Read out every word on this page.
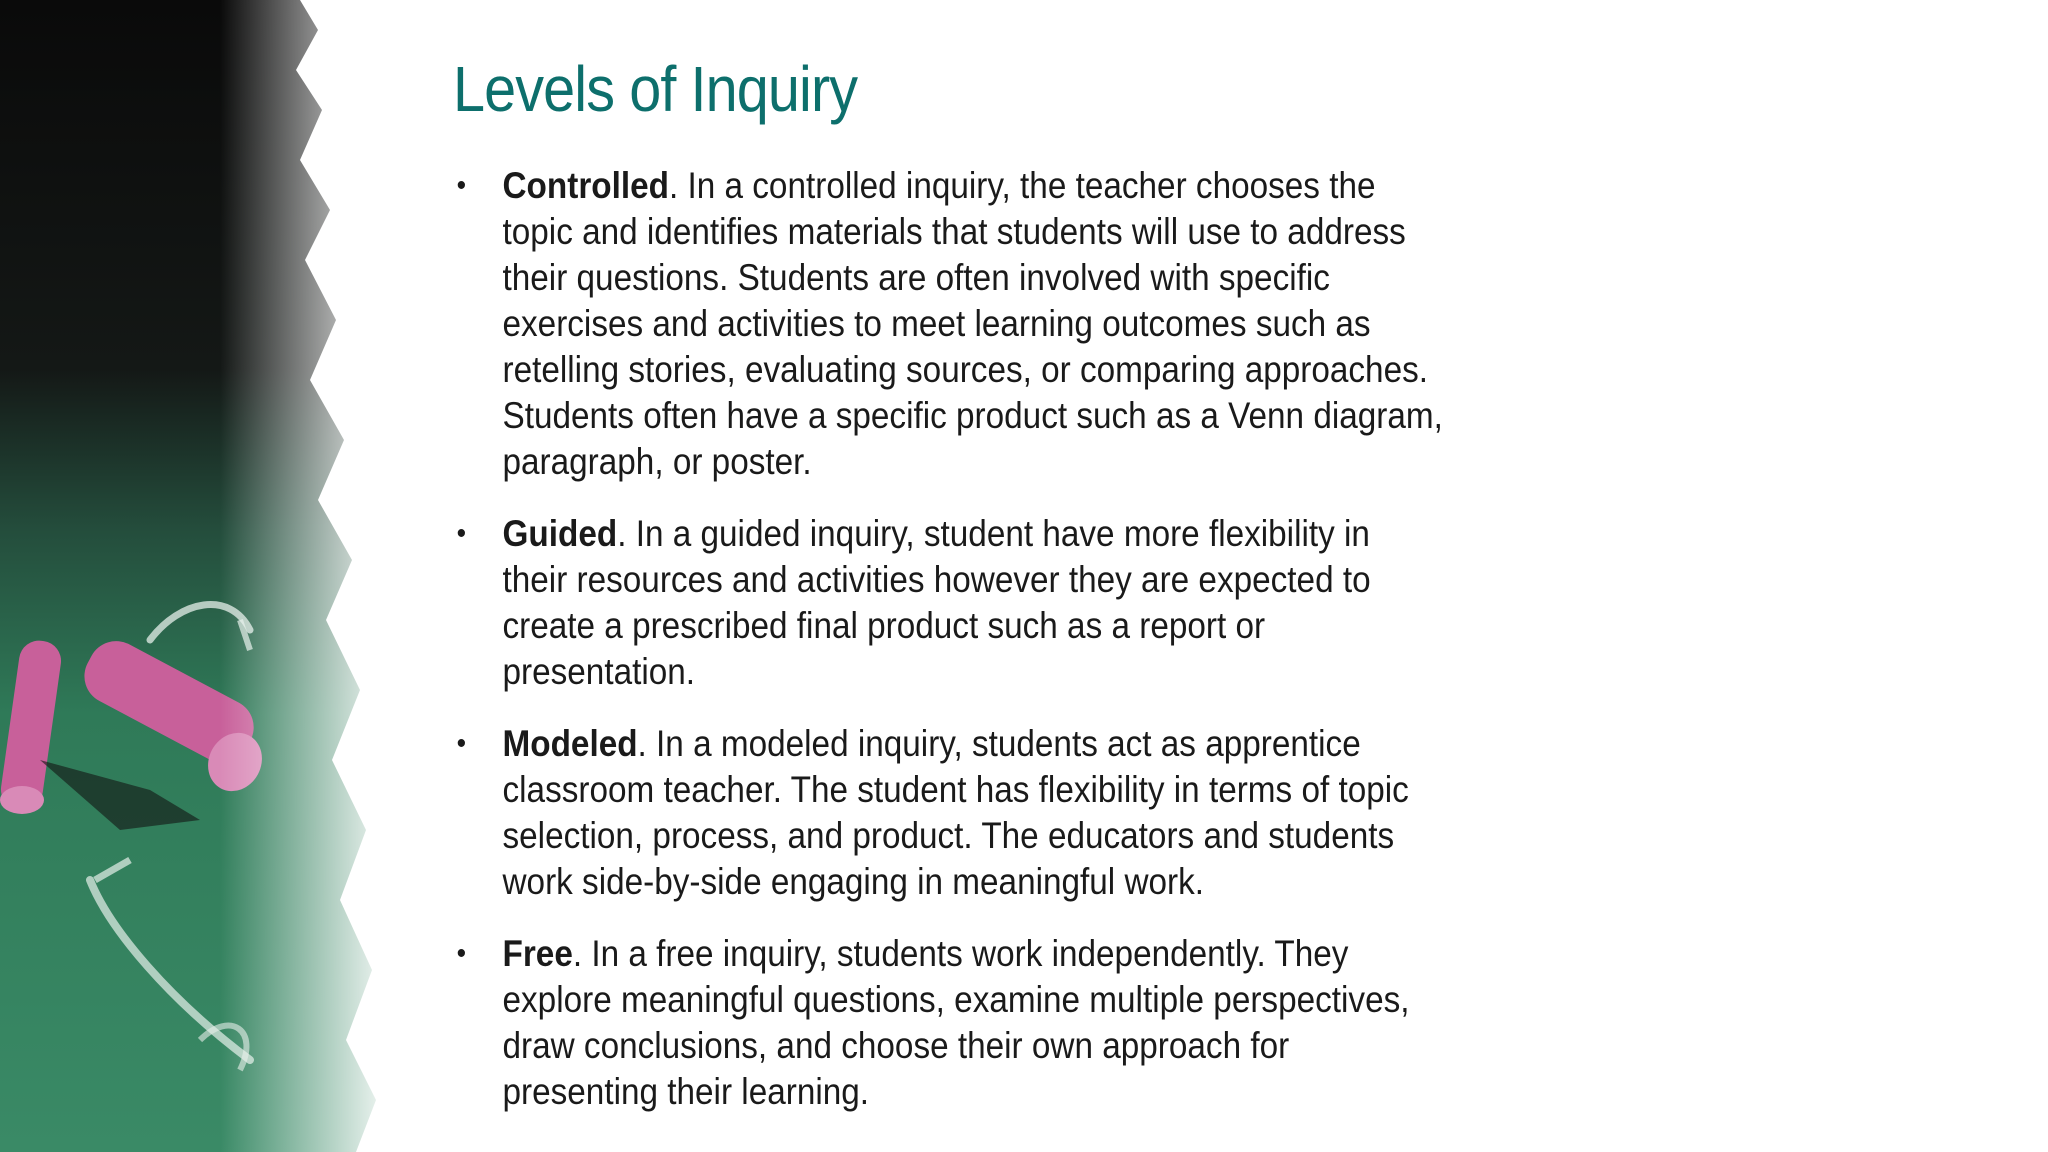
Levels of Inquiry
• Controlled. In a controlled inquiry, the teacher chooses the topic and identifies materials that students will use to address their questions. Students are often involved with specific exercises and activities to meet learning outcomes such as retelling stories, evaluating sources, or comparing approaches. Students often have a specific product such as a Venn diagram, paragraph, or poster.
• Guided. In a guided inquiry, student have more flexibility in their resources and activities however they are expected to create a prescribed final product such as a report or presentation.
• Modeled. In a modeled inquiry, students act as apprentice classroom teacher. The student has flexibility in terms of topic selection, process, and product. The educators and students work side-by-side engaging in meaningful work.
• Free. In a free inquiry, students work independently. They explore meaningful questions, examine multiple perspectives, draw conclusions, and choose their own approach for presenting their learning.
